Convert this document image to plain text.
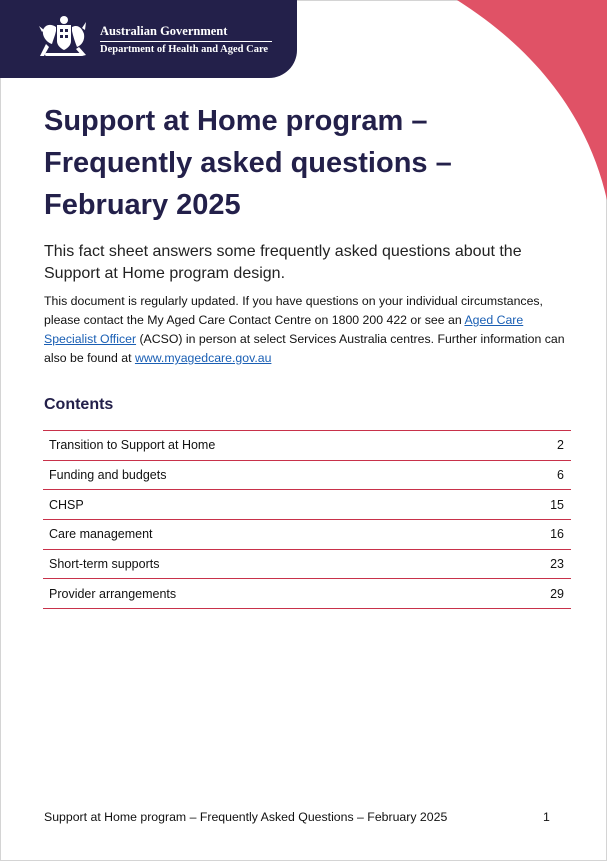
Australian Government
Department of Health and Aged Care
Support at Home program – Frequently asked questions – February 2025

This fact sheet answers some frequently asked questions about the Support at Home program design.

This document is regularly updated. If you have questions on your individual circumstances, please contact the My Aged Care Contact Centre on 1800 200 422 or see an Aged Care Specialist Officer (ACSO) in person at select Services Australia centres. Further information can also be found at www.myagedcare.gov.au

Contents
Transition to Support at Home	2
Funding and budgets	6
CHSP	15
Care management	16
Short-term supports	23
Provider arrangements	29
Support at Home program – Frequently Asked Questions – February 2025	1
